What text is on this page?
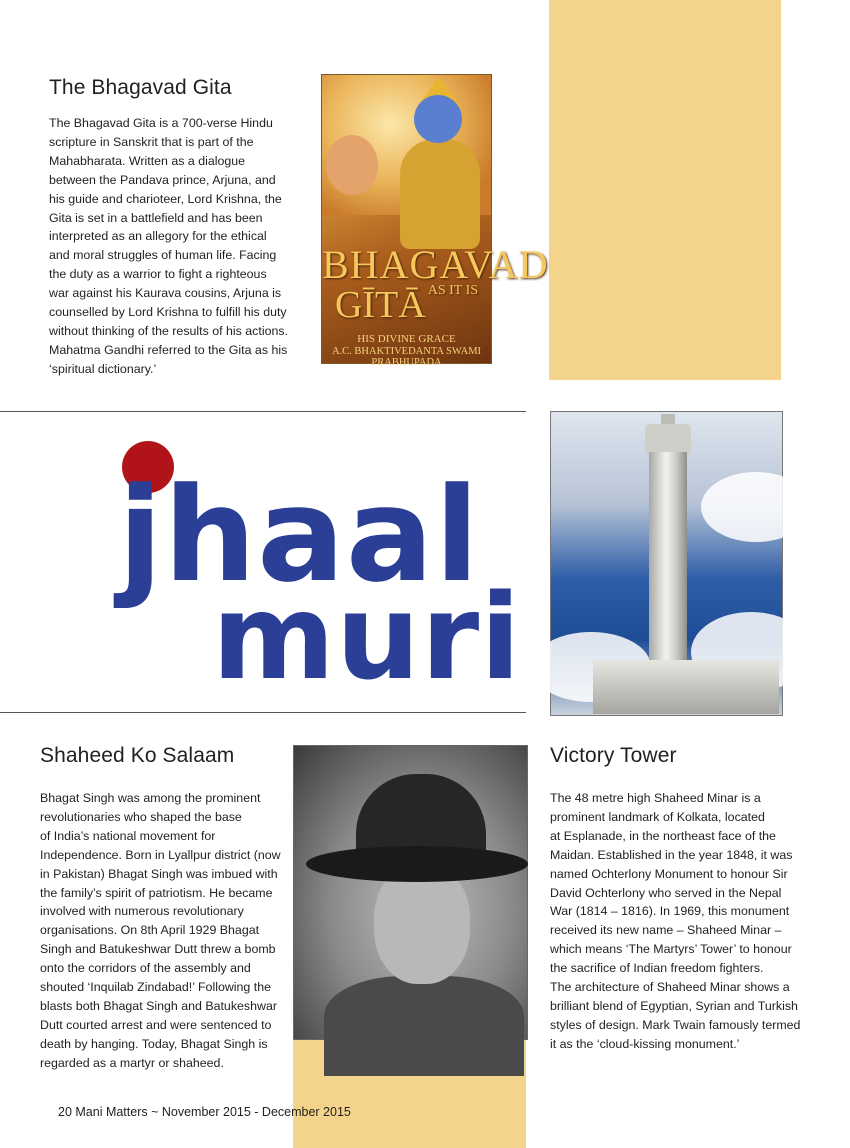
The Bhagavad Gita
The Bhagavad Gita is a 700-verse Hindu
scripture in Sanskrit that is part of the
Mahabharata. Written as a dialogue
between the Pandava prince, Arjuna, and
his guide and charioteer, Lord Krishna, the
Gita is set in a battlefield and has been
interpreted as an allegory for the ethical
and moral struggles of human life. Facing
the duty as a warrior to fight a righteous
war against his Kaurava cousins, Arjuna is
counselled by Lord Krishna to fulfill his duty
without thinking of the results of his actions.
Mahatma Gandhi referred to the Gita as his
‘spiritual dictionary.’
BHAGAVAD
GĪTĀ $^{AS IT IS}$
HIS DIVINE GRACE
A.C. BHAKTIVEDANTA SWAMI PRABHUPADA
jhaal
muri
Shaheed Ko Salaam
Bhagat Singh was among the prominent
revolutionaries who shaped the base
of India’s national movement for
Independence. Born in Lyallpur district (now
in Pakistan) Bhagat Singh was imbued with
the family’s spirit of patriotism. He became
involved with numerous revolutionary
organisations. On 8th April 1929 Bhagat
Singh and Batukeshwar Dutt threw a bomb
onto the corridors of the assembly and
shouted ‘Inquilab Zindabad!’ Following the
blasts both Bhagat Singh and Batukeshwar
Dutt courted arrest and were sentenced to
death by hanging. Today, Bhagat Singh is
regarded as a martyr or shaheed.
Victory Tower
The 48 metre high Shaheed Minar is a
prominent landmark of Kolkata, located
at Esplanade, in the northeast face of the
Maidan. Established in the year 1848, it was
named Ochterlony Monument to honour Sir
David Ochterlony who served in the Nepal
War (1814 – 1816). In 1969, this monument
received its new name – Shaheed Minar –
which means ‘The Martyrs’ Tower’ to honour
the sacrifice of Indian freedom fighters.
The architecture of Shaheed Minar shows a
brilliant blend of Egyptian, Syrian and Turkish
styles of design. Mark Twain famously termed
it as the ‘cloud-kissing monument.’
20 Mani Matters ~ November 2015 - December 2015
